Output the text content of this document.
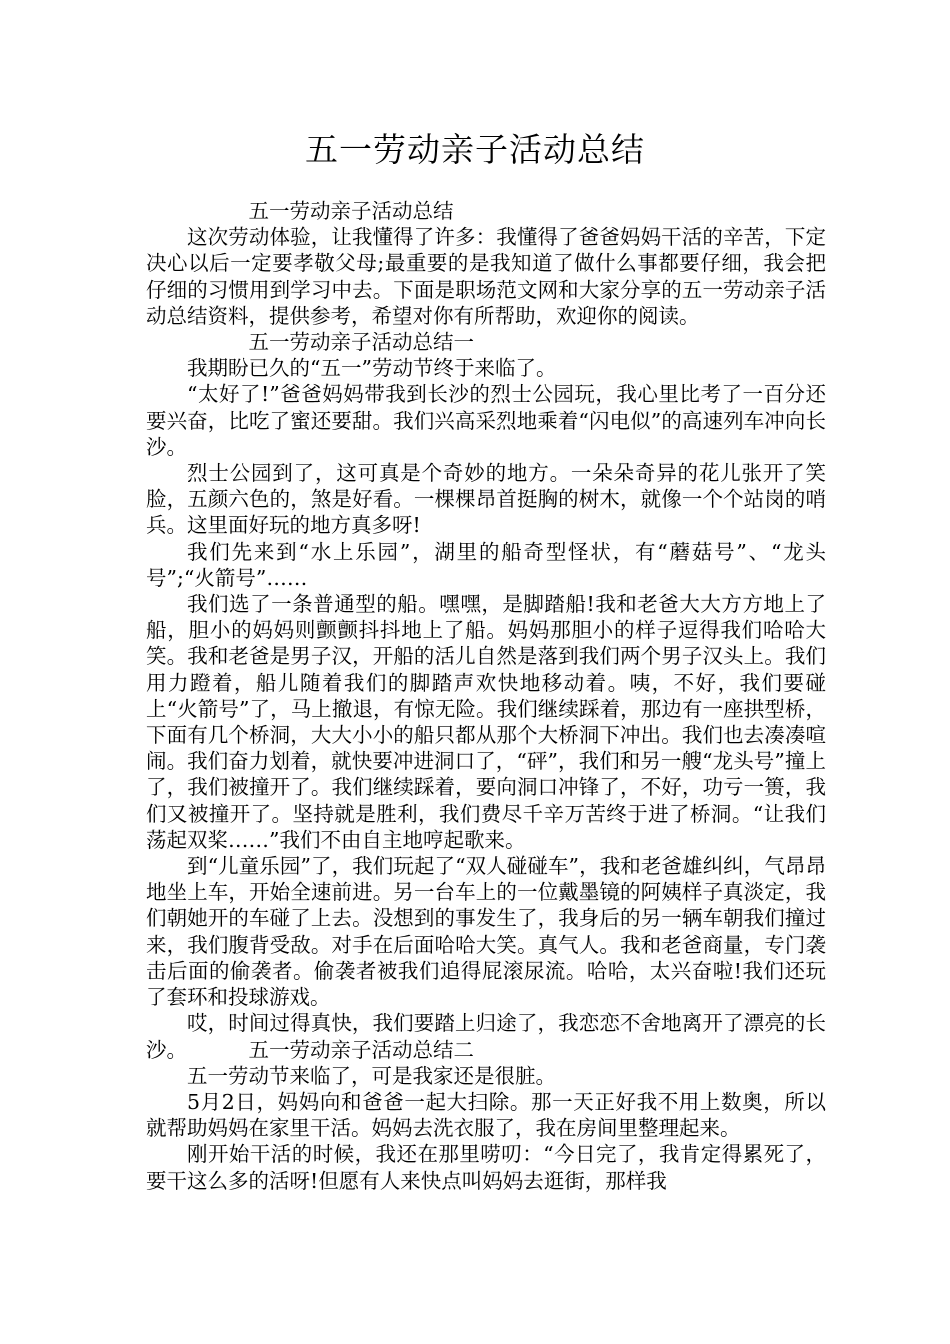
五一劳动亲子活动总结

五一劳动亲子活动总结

这次劳动体验，让我懂得了许多：我懂得了爸爸妈妈干活的辛苦，下定决心以后一定要孝敬父母;最重要的是我知道了做什么事都要仔细，我会把仔细的习惯用到学习中去。下面是职场范文网和大家分享的五一劳动亲子活动总结资料，提供参考，希望对你有所帮助，欢迎你的阅读。

五一劳动亲子活动总结一

我期盼已久的“五一”劳动节终于来临了。

“太好了!”爸爸妈妈带我到长沙的烈士公园玩，我心里比考了一百分还要兴奋，比吃了蜜还要甜。我们兴高采烈地乘着“闪电似”的高速列车冲向长沙。

烈士公园到了，这可真是个奇妙的地方。一朵朵奇异的花儿张开了笑脸，五颜六色的，煞是好看。一棵棵昂首挺胸的树木，就像一个个站岗的哨兵。这里面好玩的地方真多呀!

我们先来到“水上乐园”，湖里的船奇型怪状，有“蘑菇号”、“龙头号”;“火箭号”……

我们选了一条普通型的船。嘿嘿，是脚踏船!我和老爸大大方方地上了船，胆小的妈妈则颤颤抖抖地上了船。妈妈那胆小的样子逗得我们哈哈大笑。我和老爸是男子汉，开船的活儿自然是落到我们两个男子汉头上。我们用力蹬着，船儿随着我们的脚踏声欢快地移动着。咦，不好，我们要碰上“火箭号”了，马上撤退，有惊无险。我们继续踩着，那边有一座拱型桥，下面有几个桥洞，大大小小的船只都从那个大桥洞下冲出。我们也去凑凑喧闹。我们奋力划着，就快要冲进洞口了，“砰”，我们和另一艘“龙头号”撞上了，我们被撞开了。我们继续踩着，要向洞口冲锋了，不好，功亏一篑，我们又被撞开了。坚持就是胜利，我们费尽千辛万苦终于进了桥洞。“让我们荡起双桨……”我们不由自主地哼起歌来。

到“儿童乐园”了，我们玩起了“双人碰碰车”，我和老爸雄纠纠，气昂昂地坐上车，开始全速前进。另一台车上的一位戴墨镜的阿姨样子真淡定，我们朝她开的车碰了上去。没想到的事发生了，我身后的另一辆车朝我们撞过来，我们腹背受敌。对手在后面哈哈大笑。真气人。我和老爸商量，专门袭击后面的偷袭者。偷袭者被我们追得屁滚尿流。哈哈，太兴奋啦!我们还玩了套环和投球游戏。

哎，时间过得真快，我们要踏上归途了，我恋恋不舍地离开了漂亮的长沙。	五一劳动亲子活动总结二

五一劳动节来临了，可是我家还是很脏。

5月2日，妈妈向和爸爸一起大扫除。那一天正好我不用上数奥，所以就帮助妈妈在家里干活。妈妈去洗衣服了，我在房间里整理起来。

刚开始干活的时候，我还在那里唠叨：“今日完了，我肯定得累死了，要干这么多的活呀!但愿有人来快点叫妈妈去逛街，那样我
